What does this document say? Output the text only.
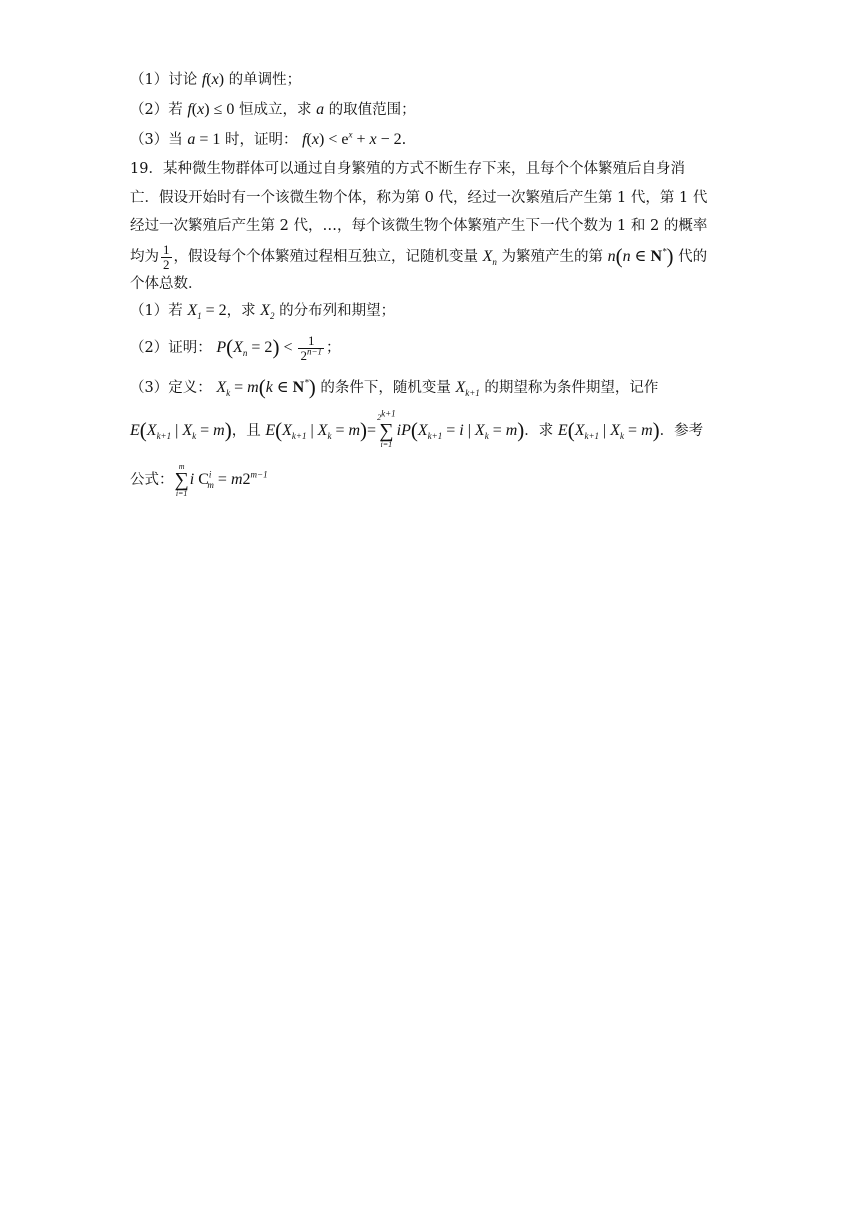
（1）讨论 f(x) 的单调性；
（2）若 f(x) ≤ 0 恒成立，求 a 的取值范围；
（3）当 a = 1 时，证明： $f(x) < e^x + x - 2$.
19．某种微生物群体可以通过自身繁殖的方式不断生存下来，且每个个体繁殖后自身消
亡．假设开始时有一个该微生物个体，称为第 0 代，经过一次繁殖后产生第 1 代，第 1 代
经过一次繁殖后产生第 2 代，…，每个该微生物个体繁殖产生下一代个数为 1 和 2 的概率
均为 $\frac{1}{2}$ ，假设每个个体繁殖过程相互独立，记随机变量 $X_n$ 为繁殖产生的第 n(n ∈ N*) 代的
个体总数．
（1）若 $X_1 = 2$，求 $X_2$ 的分布列和期望；
（2）证明： $P(X_n = 2) < \frac{1}{2^{n-1}}$ ；
（3）定义： $X_k = m(k$ ∈ N*) 的条件下，随机变量 $X_{k+1}$ 的期望称为条件期望，记作
$E(X_{k+1}$ | $X_k = m$)，且 $E(X_{k+1}$ | $X_k = m)=$
$2^{k+1}$
∑
i=1
$iP(X_{k+1} = i$ | $X_k = m$)．求 $E(X_{k+1}$ | $X_k = m$)．参考
公式：
m
∑
i=1
i $C^i_m = m2^{m-1}$
